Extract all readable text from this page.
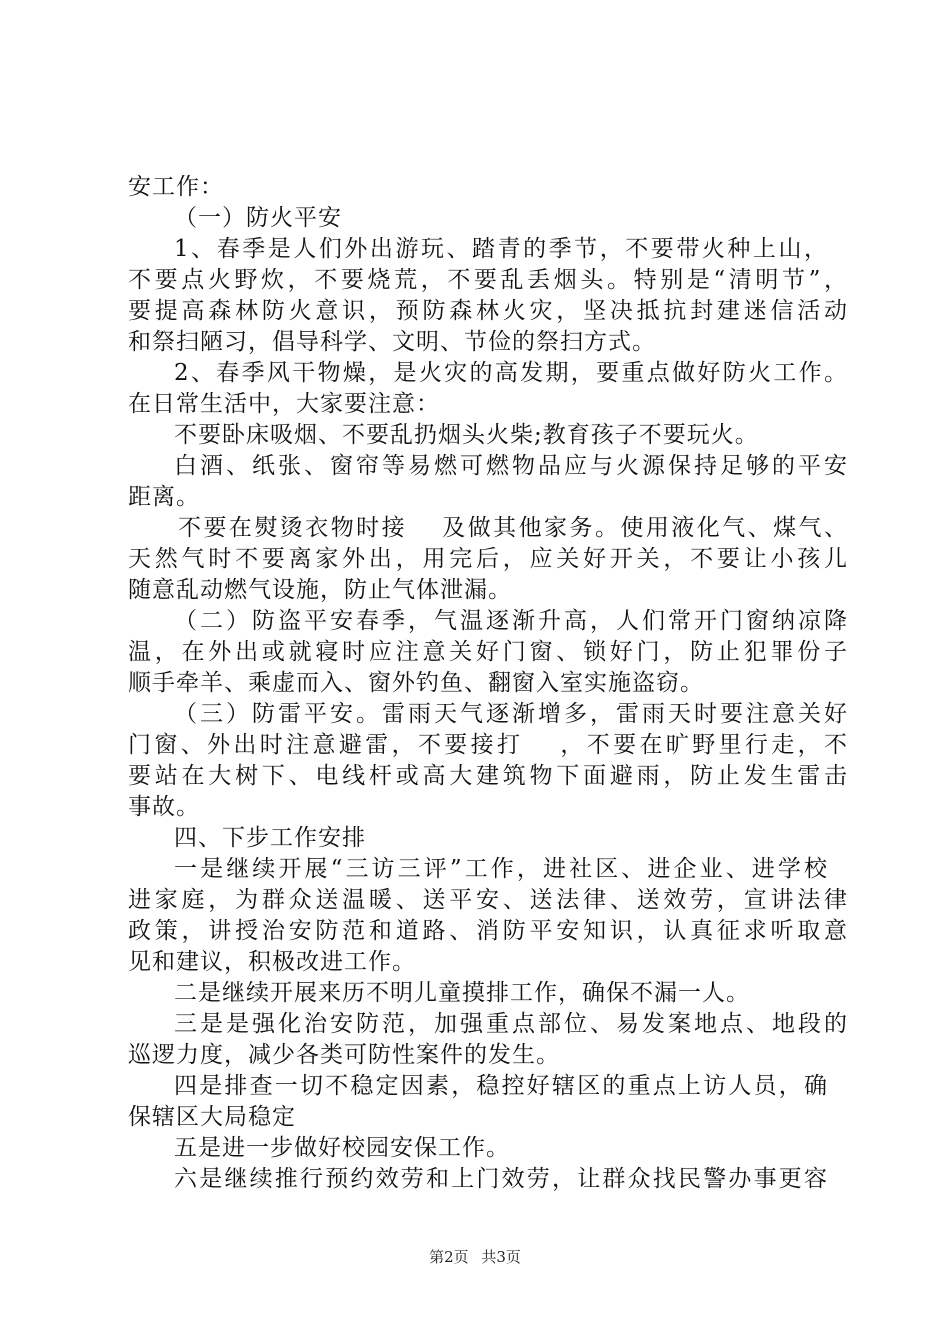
安工作：
（一）防火平安
1、春季是人们外出游玩、踏青的季节，不要带火种上山，
不要点火野炊，不要烧荒，不要乱丢烟头。特别是“清明节”，
要提高森林防火意识，预防森林火灾，坚决抵抗封建迷信活动
和祭扫陋习，倡导科学、文明、节俭的祭扫方式。
2、春季风干物燥，是火灾的高发期，要重点做好防火工作。
在日常生活中，大家要注意：
不要卧床吸烟、不要乱扔烟头火柴;教育孩子不要玩火。
白酒、纸张、窗帘等易燃可燃物品应与火源保持足够的平安
距离。
不要在熨烫衣物时接　 及做其他家务。使用液化气、煤气、
天然气时不要离家外出，用完后，应关好开关，不要让小孩儿
随意乱动燃气设施，防止气体泄漏。
（二）防盗平安春季，气温逐渐升高，人们常开门窗纳凉降
温，在外出或就寝时应注意关好门窗、锁好门，防止犯罪份子
顺手牵羊、乘虚而入、窗外钓鱼、翻窗入室实施盗窃。
（三）防雷平安。雷雨天气逐渐增多，雷雨天时要注意关好
门窗、外出时注意避雷，不要接打　 ，不要在旷野里行走，不
要站在大树下、电线杆或高大建筑物下面避雨，防止发生雷击
事故。
四、下步工作安排
一是继续开展“三访三评”工作，进社区、进企业、进学校
进家庭，为群众送温暖、送平安、送法律、送效劳，宣讲法律
政策，讲授治安防范和道路、消防平安知识，认真征求听取意
见和建议，积极改进工作。
二是继续开展来历不明儿童摸排工作，确保不漏一人。
三是是强化治安防范，加强重点部位、易发案地点、地段的
巡逻力度，减少各类可防性案件的发生。
四是排查一切不稳定因素，稳控好辖区的重点上访人员，确
保辖区大局稳定
五是进一步做好校园安保工作。
六是继续推行预约效劳和上门效劳，让群众找民警办事更容
第2页 共3页
